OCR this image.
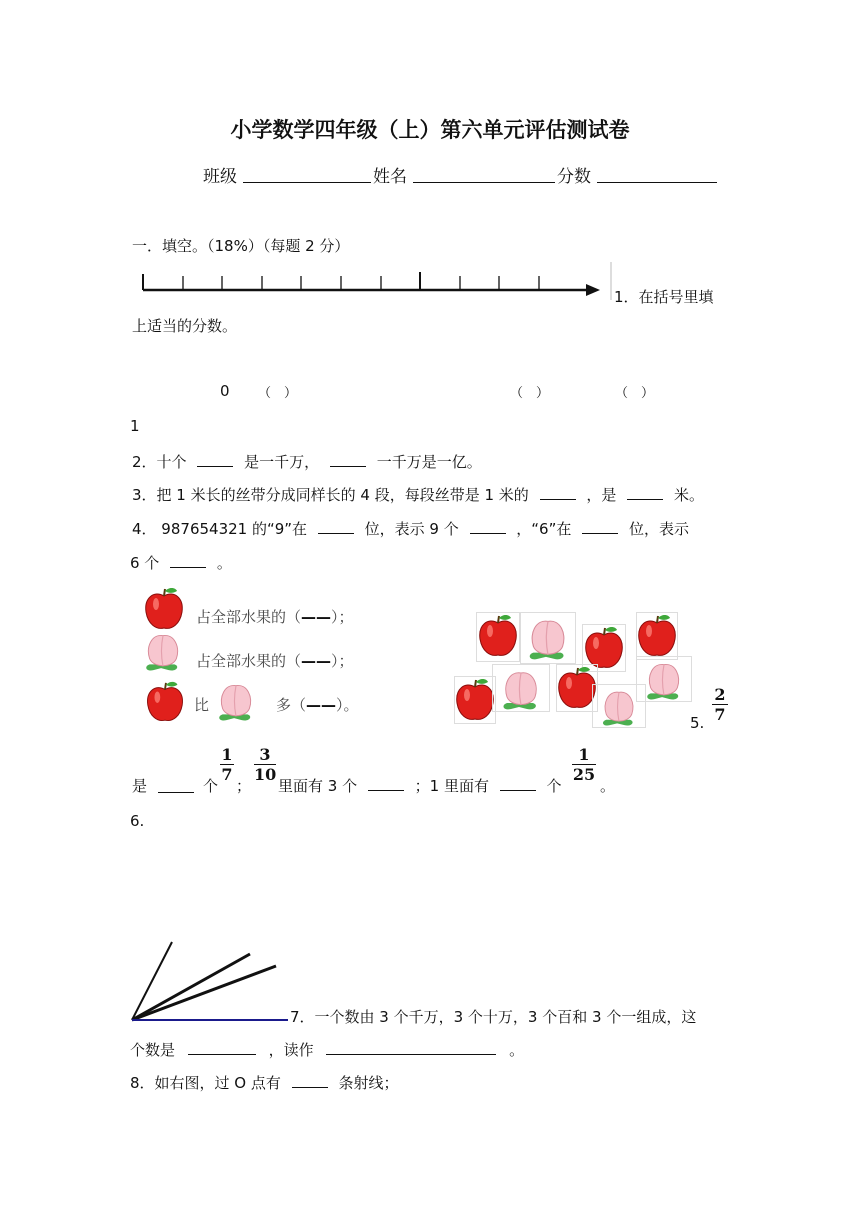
小学数学四年级（上）第六单元评估测试卷
班级	姓名	分数
一．填空。（18%）（每题 2 分）
1．在括号里填
上适当的分数。
0 （　）	（　）	（　）
1
2．十个	是一千万，	一千万是一亿。
3．把 1 米长的丝带分成同样长的 4 段，每段丝带是 1 米的	，是	米。
4． 987654321 的“9”在	位，表示 9 个	，“6”在	位，表示
6 个	。
占全部水果的（——）；
占全部水果的（——）；
比	多（——）。
5.
2
7
是	个
1
7
；
3
10
里面有 3 个	；1 里面有	个
1
25
。
6.
7．一个数由 3 个千万，3 个十万，3 个百和 3 个一组成，这
个数是	，读作	。
8．如右图，过 O 点有	条射线；
